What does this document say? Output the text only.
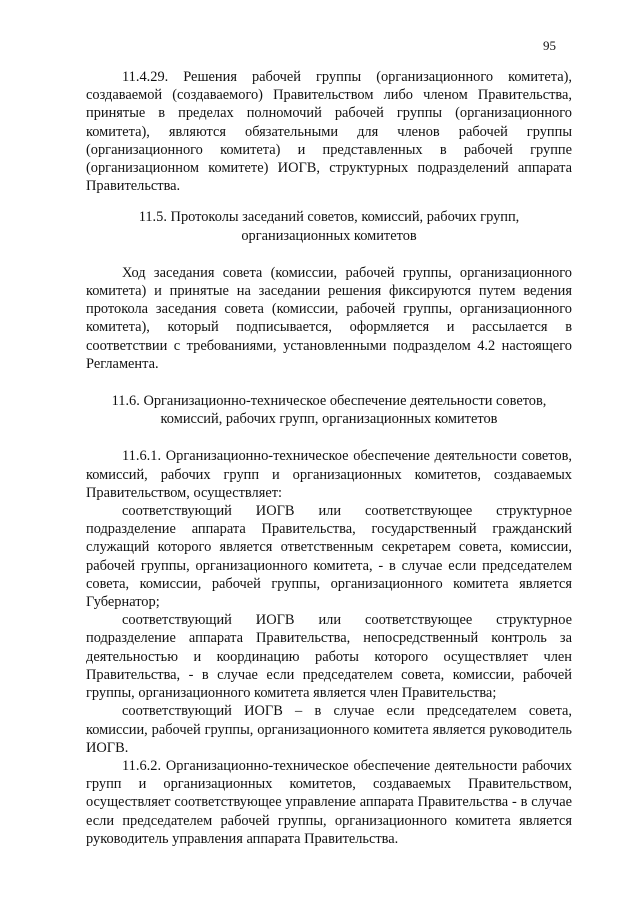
95

11.4.29. Решения рабочей группы (организационного комитета), создаваемой (создаваемого) Правительством либо членом Правительства, принятые в пределах полномочий рабочей группы (организационного комитета), являются обязательными для членов рабочей группы (организационного комитета) и представленных в рабочей группе (организационном комитете) ИОГВ, структурных подразделений аппарата Правительства.

11.5. Протоколы заседаний советов, комиссий, рабочих групп, организационных комитетов

Ход заседания совета (комиссии, рабочей группы, организационного комитета) и принятые на заседании решения фиксируются путем ведения протокола заседания совета (комиссии, рабочей группы, организационного комитета), который подписывается, оформляется и рассылается в соответствии с требованиями, установленными подразделом 4.2 настоящего Регламента.

11.6. Организационно-техническое обеспечение деятельности советов, комиссий, рабочих групп, организационных комитетов

11.6.1. Организационно-техническое обеспечение деятельности советов, комиссий, рабочих групп и организационных комитетов, создаваемых Правительством, осуществляет:

соответствующий ИОГВ или соответствующее структурное подразделение аппарата Правительства, государственный гражданский служащий которого является ответственным секретарем совета, комиссии, рабочей группы, организационного комитета, - в случае если председателем совета, комиссии, рабочей группы, организационного комитета является Губернатор;

соответствующий ИОГВ или соответствующее структурное подразделение аппарата Правительства, непосредственный контроль за деятельностью и координацию работы которого осуществляет член Правительства, - в случае если председателем совета, комиссии, рабочей группы, организационного комитета является член Правительства;

соответствующий ИОГВ – в случае если председателем совета, комиссии, рабочей группы, организационного комитета является руководитель ИОГВ.

11.6.2. Организационно-техническое обеспечение деятельности рабочих групп и организационных комитетов, создаваемых Правительством, осуществляет соответствующее управление аппарата Правительства - в случае если председателем рабочей группы, организационного комитета является руководитель управления аппарата Правительства.
